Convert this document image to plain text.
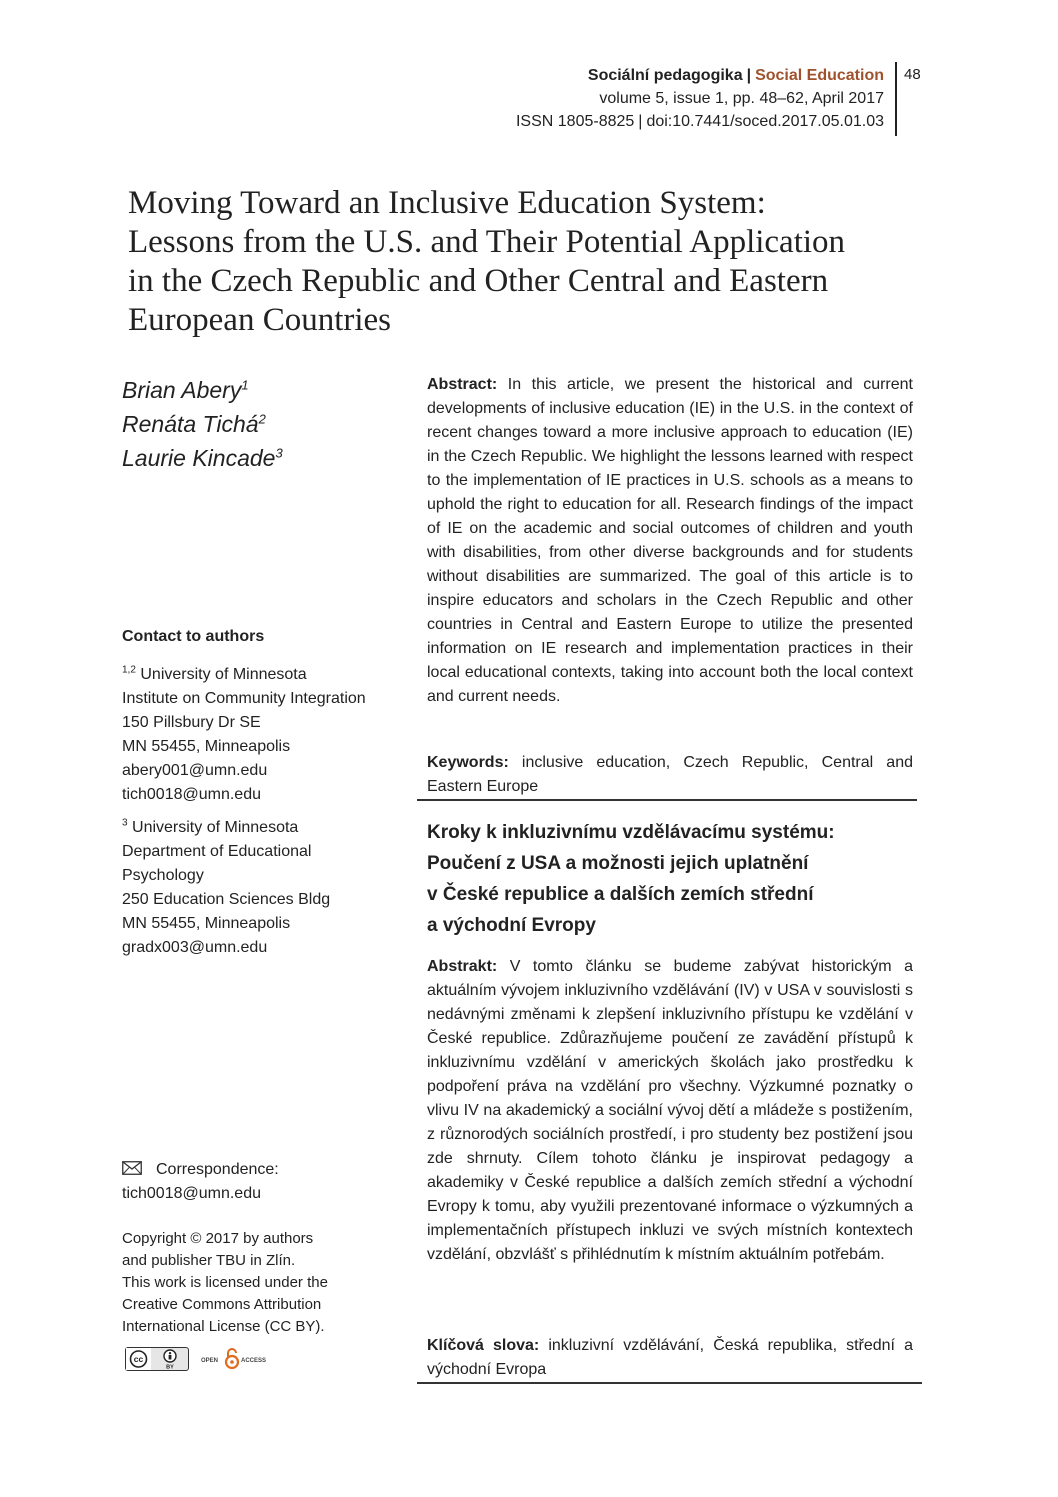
Sociální pedagogika | Social Education
volume 5, issue 1, pp. 48–62, April 2017
ISSN 1805-8825 | doi:10.7441/soced.2017.05.01.03
48
Moving Toward an Inclusive Education System:
Lessons from the U.S. and Their Potential Application
in the Czech Republic and Other Central and Eastern
European Countries
Brian Abery$^1$
Renáta Tichá$^2$
Laurie Kincade$^3$
Contact to authors
$^{1,2}$ University of Minnesota
Institute on Community Integration
150 Pillsbury Dr SE
MN 55455, Minneapolis
abery001@umn.edu
tich0018@umn.edu
$^3$ University of Minnesota
Department of Educational
Psychology
250 Education Sciences Bldg
MN 55455, Minneapolis
gradx003@umn.edu
Correspondence:
tich0018@umn.edu
Copyright © 2017 by authors
and publisher TBU in Zlín.
This work is licensed under the
Creative Commons Attribution
International License (CC BY).
cc
BY
OPEN	ACCESS
Abstract: In this article, we present the historical and current developments of inclusive education (IE) in the U.S. in the context of recent changes toward a more inclusive approach to education (IE) in the Czech Republic. We highlight the lessons learned with respect to the implementation of IE practices in U.S. schools as a means to uphold the right to education for all. Research findings of the impact of IE on the academic and social outcomes of children and youth with disabilities, from other diverse backgrounds and for students without disabilities are summarized. The goal of this article is to inspire educators and scholars in the Czech Republic and other countries in Central and Eastern Europe to utilize the presented information on IE research and implementation practices in their local educational contexts, taking into account both the local context and current needs.
Keywords: inclusive education, Czech Republic, Central and Eastern Europe
Kroky k inkluzivnímu vzdělávacímu systému:
Poučení z USA a možnosti jejich uplatnění
v České republice a dalších zemích střední
a východní Evropy
Abstrakt: V tomto článku se budeme zabývat historickým a aktuálním vývojem inkluzivního vzdělávání (IV) v USA v souvislosti s nedávnými změnami k zlepšení inkluzivního přístupu ke vzdělání v České republice. Zdůrazňujeme poučení ze zavádění přístupů k inkluzivnímu vzdělání v amerických školách jako prostředku k podpoření práva na vzdělání pro všechny. Výzkumné poznatky o vlivu IV na akademický a sociální vývoj dětí a mládeže s postižením, z různorodých sociálních prostředí, i pro studenty bez postižení jsou zde shrnuty. Cílem tohoto článku je inspirovat pedagogy a akademiky v České republice a dalších zemích střední a východní Evropy k tomu, aby využili prezentované informace o výzkumných a implementačních přístupech inkluzi ve svých místních kontextech vzdělání, obzvlášť s přihlédnutím k místním aktuálním potřebám.
Klíčová slova: inkluzivní vzdělávání, Česká republika, střední a východní Evropa
